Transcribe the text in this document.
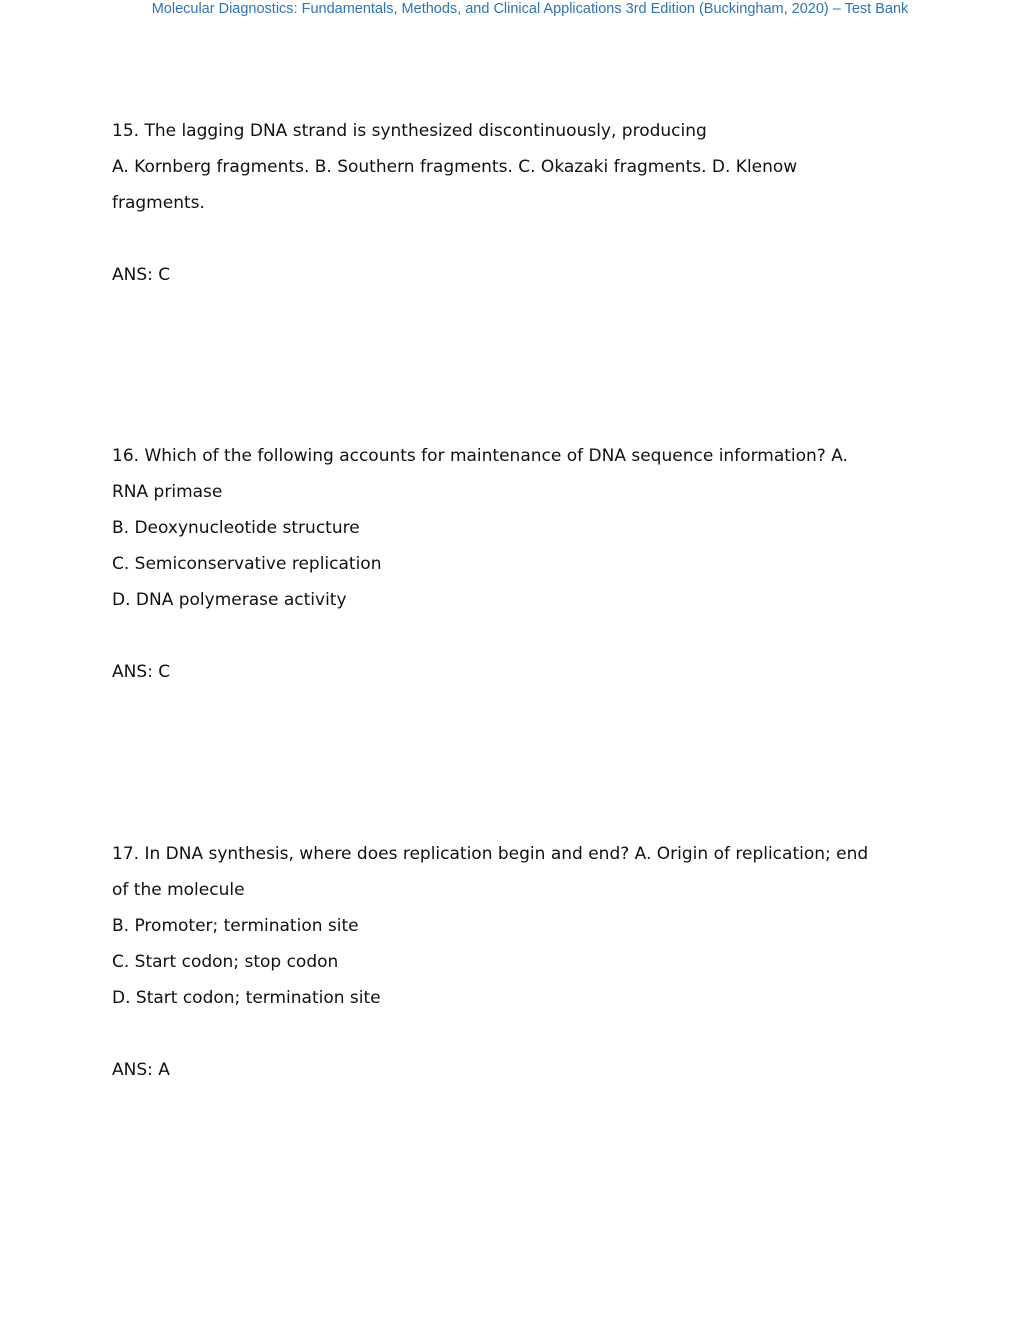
Molecular Diagnostics: Fundamentals, Methods, and Clinical Applications 3rd Edition (Buckingham, 2020) – Test Bank
15. The lagging DNA strand is synthesized discontinuously, producing
A. Kornberg fragments. B. Southern fragments. C. Okazaki fragments. D. Klenow
fragments.
ANS: C
16. Which of the following accounts for maintenance of DNA sequence information? A.
RNA primase
B. Deoxynucleotide structure
C. Semiconservative replication
D. DNA polymerase activity
ANS: C
17. In DNA synthesis, where does replication begin and end? A. Origin of replication; end
of the molecule
B. Promoter; termination site
C. Start codon; stop codon
D. Start codon; termination site
ANS: A
